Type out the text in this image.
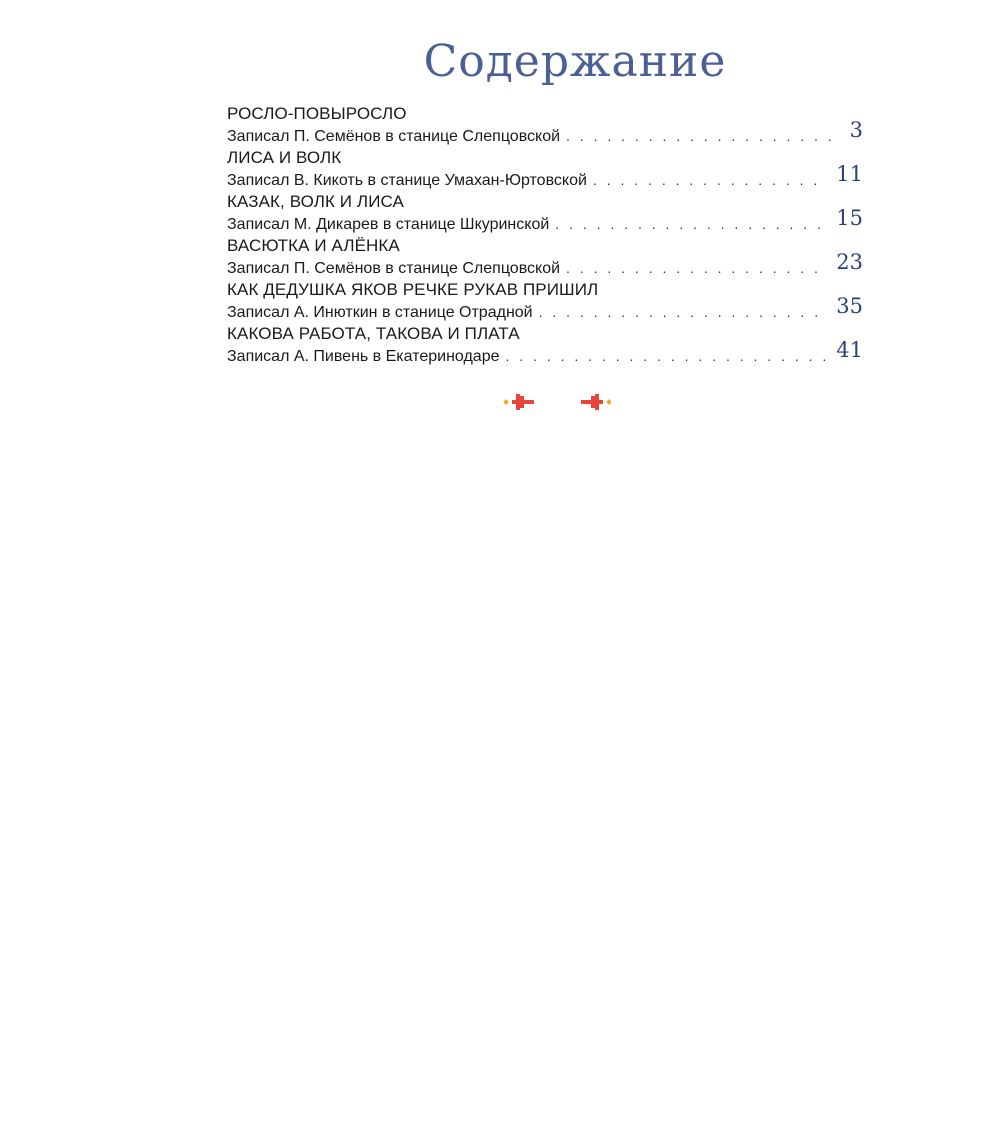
Содержание
РОСЛО-ПОВЫРОСЛО
Записал П. Семёнов в станице Слепцовской . . .	3
ЛИСА И ВОЛК
Записал В. Кикоть в станице Умахан-Юртовской . . .	11
КАЗАК, ВОЛК И ЛИСА
Записал М. Дикарев в станице Шкуринской . . .	15
ВАСЮТКА И АЛЁНКА
Записал П. Семёнов в станице Слепцовской . . .	23
КАК ДЕДУШКА ЯКОВ РЕЧКЕ РУКАВ ПРИШИЛ
Записал А. Инюткин в станице Отрадной . . .	35
КАКОВА РАБОТА, ТАКОВА И ПЛАТА
Записал А. Пивень в Екатеринодаре . . .	41
